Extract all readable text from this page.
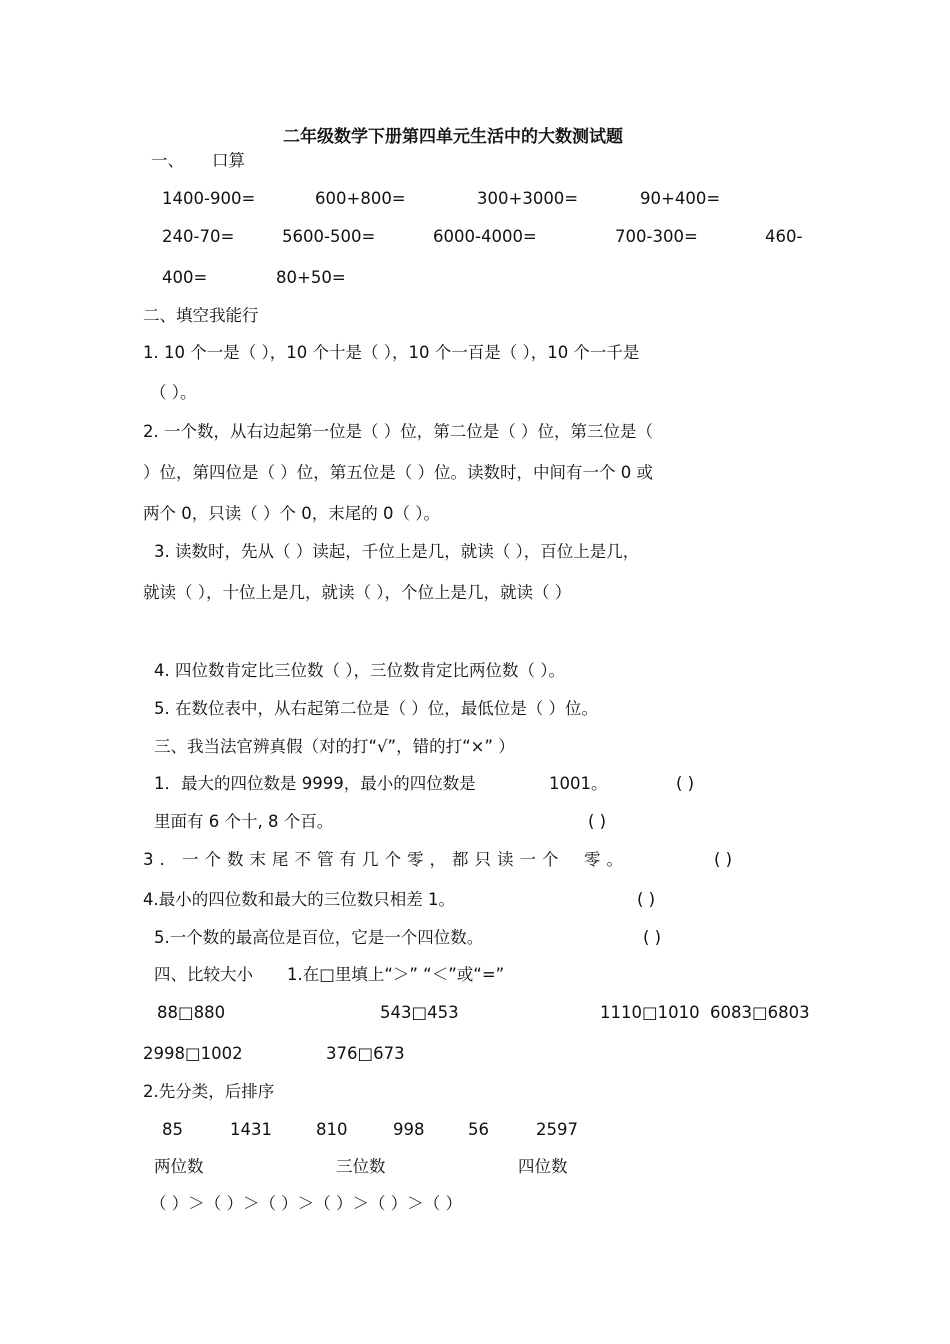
二年级数学下册第四单元生活中的大数测试题
一、 口算
1400-900=	600+800=	300+3000=	90+400=
240-70=	5600-500=	6000-4000=	700-300=	460-
400=	80+50=
二、填空我能行
1. 10 个一是（ ），10 个十是（ ），10 个一百是（ ），10 个一千是
（ ）。
2. 一个数，从右边起第一位是（ ）位，第二位是（ ）位，第三位是（
）位，第四位是（ ）位，第五位是（ ）位。读数时，中间有一个 0 或
两个 0，只读（ ）个 0，末尾的 0（ ）。
3. 读数时，先从（ ）读起，千位上是几，就读（ ），百位上是几，
就读（ ），十位上是几，就读（ ），个位上是几，就读（ ）
4. 四位数肯定比三位数（ ），三位数肯定比两位数（ ）。
5. 在数位表中，从右起第二位是（ ）位，最低位是（ ）位。
三、我当法官辨真假（对的打“√”，错的打“×” ）
1．最大的四位数是 9999，最小的四位数是	1001。	( )
里面有 6 个十, 8 个百。	( )
3. 一个数末尾不管有几个零，都只读一个 零。	( )
4.最小的四位数和最大的三位数只相差 1。	( )
5.一个数的最高位是百位，它是一个四位数。	( )
四、比较大小 1.在□里填上“＞” “＜”或“=”
88□880	543□453	1110□1010 6083□6803
2998□1002	376□673
2.先分类，后排序
85	1431	810	998	56	2597
两位数	三位数	四位数
（ ）＞（ ）＞（ ）＞（ ）＞（ ）＞（ ）
